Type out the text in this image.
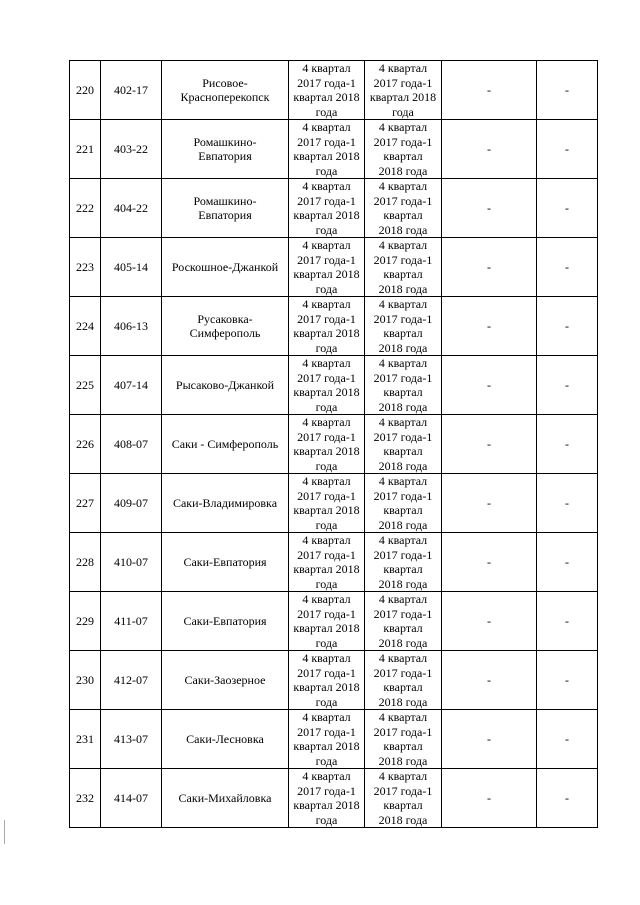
220	402-17	Рисовое-
Красноперекопск	4 квартал
2017 года-1
квартал 2018
года	4 квартал
2017 года-1
квартал 2018
года	-	-

221	403-22	Ромашкино-
Евпатория	4 квартал
2017 года-1
квартал 2018
года	4 квартал
2017 года-1
квартал
2018 года	-	-

222	404-22	Ромашкино-
Евпатория	4 квартал
2017 года-1
квартал 2018
года	4 квартал
2017 года-1
квартал
2018 года	-	-

223	405-14	Роскошное-Джанкой	4 квартал
2017 года-1
квартал 2018
года	4 квартал
2017 года-1
квартал
2018 года	-	-

224	406-13	Русаковка-
Симферополь	4 квартал
2017 года-1
квартал 2018
года	4 квартал
2017 года-1
квартал
2018 года	-	-

225	407-14	Рысаково-Джанкой	4 квартал
2017 года-1
квартал 2018
года	4 квартал
2017 года-1
квартал
2018 года	-	-

226	408-07	Саки - Симферополь	4 квартал
2017 года-1
квартал 2018
года	4 квартал
2017 года-1
квартал
2018 года	-	-

227	409-07	Саки-Владимировка	4 квартал
2017 года-1
квартал 2018
года	4 квартал
2017 года-1
квартал
2018 года	-	-

228	410-07	Саки-Евпатория	4 квартал
2017 года-1
квартал 2018
года	4 квартал
2017 года-1
квартал
2018 года	-	-

229	411-07	Саки-Евпатория	4 квартал
2017 года-1
квартал 2018
года	4 квартал
2017 года-1
квартал
2018 года	-	-

230	412-07	Саки-Заозерное	4 квартал
2017 года-1
квартал 2018
года	4 квартал
2017 года-1
квартал
2018 года	-	-

231	413-07	Саки-Лесновка	4 квартал
2017 года-1
квартал 2018
года	4 квартал
2017 года-1
квартал
2018 года	-	-

232	414-07	Саки-Михайловка	4 квартал
2017 года-1
квартал 2018
года	4 квартал
2017 года-1
квартал
2018 года	-	-
